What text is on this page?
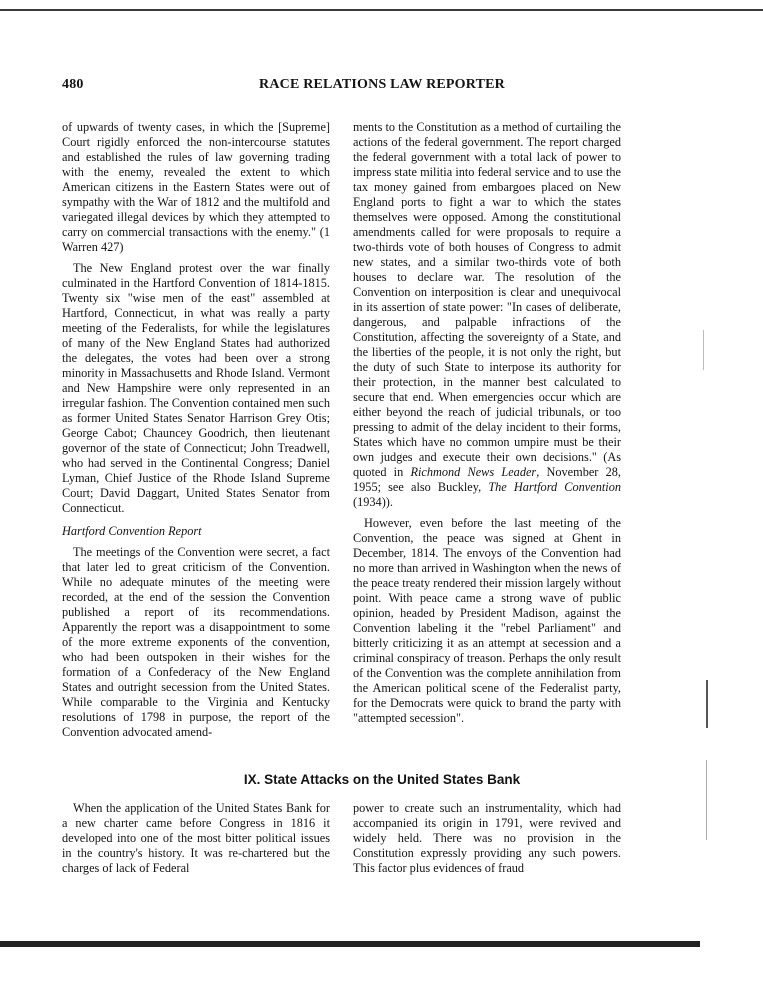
480	RACE RELATIONS LAW REPORTER

of upwards of twenty cases, in which the [Supreme] Court rigidly enforced the non-intercourse statutes and established the rules of law governing trading with the enemy, revealed the extent to which American citizens in the Eastern States were out of sympathy with the War of 1812 and the multifold and variegated illegal devices by which they attempted to carry on commercial transactions with the enemy." (1 Warren 427)

The New England protest over the war finally culminated in the Hartford Convention of 1814-1815. Twenty six "wise men of the east" assembled at Hartford, Connecticut, in what was really a party meeting of the Federalists, for while the legislatures of many of the New England States had authorized the delegates, the votes had been over a strong minority in Massachusetts and Rhode Island. Vermont and New Hampshire were only represented in an irregular fashion. The Convention contained men such as former United States Senator Harrison Grey Otis; George Cabot; Chauncey Goodrich, then lieutenant governor of the state of Connecticut; John Treadwell, who had served in the Continental Congress; Daniel Lyman, Chief Justice of the Rhode Island Supreme Court; David Daggart, United States Senator from Connecticut.

Hartford Convention Report

The meetings of the Convention were secret, a fact that later led to great criticism of the Convention. While no adequate minutes of the meeting were recorded, at the end of the session the Convention published a report of its recommendations. Apparently the report was a disappointment to some of the more extreme exponents of the convention, who had been outspoken in their wishes for the formation of a Confederacy of the New England States and outright secession from the United States. While comparable to the Virginia and Kentucky resolutions of 1798 in purpose, the report of the Convention advocated amend-

ments to the Constitution as a method of curtailing the actions of the federal government. The report charged the federal government with a total lack of power to impress state militia into federal service and to use the tax money gained from embargoes placed on New England ports to fight a war to which the states themselves were opposed. Among the constitutional amendments called for were proposals to require a two-thirds vote of both houses of Congress to admit new states, and a similar two-thirds vote of both houses to declare war. The resolution of the Convention on interposition is clear and unequivocal in its assertion of state power: "In cases of deliberate, dangerous, and palpable infractions of the Constitution, affecting the sovereignty of a State, and the liberties of the people, it is not only the right, but the duty of such State to interpose its authority for their protection, in the manner best calculated to secure that end. When emergencies occur which are either beyond the reach of judicial tribunals, or too pressing to admit of the delay incident to their forms, States which have no common umpire must be their own judges and execute their own decisions." (As quoted in Richmond News Leader, November 28, 1955; see also Buckley, The Hartford Convention (1934)).

However, even before the last meeting of the Convention, the peace was signed at Ghent in December, 1814. The envoys of the Convention had no more than arrived in Washington when the news of the peace treaty rendered their mission largely without point. With peace came a strong wave of public opinion, headed by President Madison, against the Convention labeling it the "rebel Parliament" and bitterly criticizing it as an attempt at secession and a criminal conspiracy of treason. Perhaps the only result of the Convention was the complete annihilation from the American political scene of the Federalist party, for the Democrats were quick to brand the party with "attempted secession".

IX. State Attacks on the United States Bank

When the application of the United States Bank for a new charter came before Congress in 1816 it developed into one of the most bitter political issues in the country's history. It was re-chartered but the charges of lack of Federal

power to create such an instrumentality, which had accompanied its origin in 1791, were revived and widely held. There was no provision in the Constitution expressly providing any such powers. This factor plus evidences of fraud
